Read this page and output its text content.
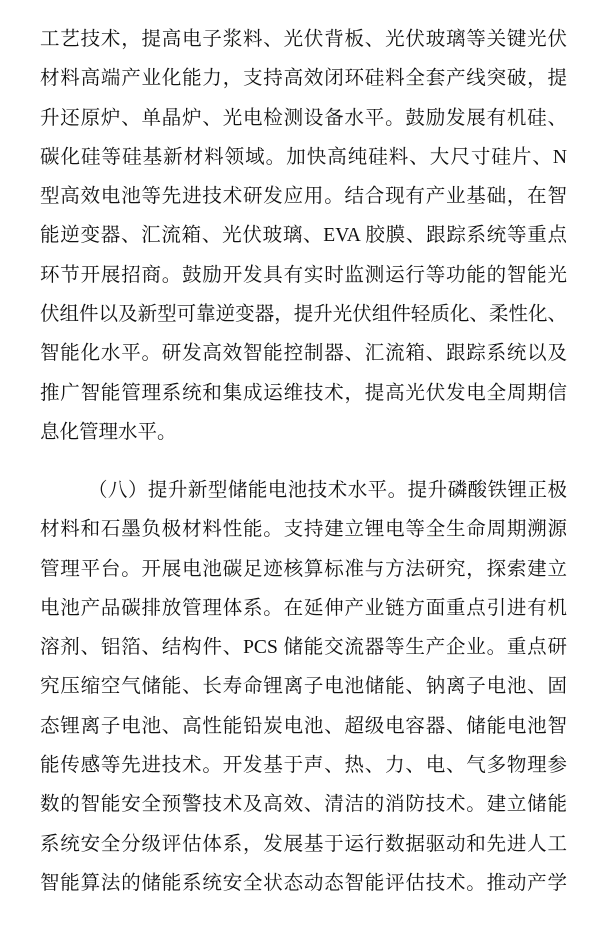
工艺技术，提高电子浆料、光伏背板、光伏玻璃等关键光伏
材料高端产业化能力，支持高效闭环硅料全套产线突破，提
升还原炉、单晶炉、光电检测设备水平。鼓励发展有机硅、
碳化硅等硅基新材料领域。加快高纯硅料、大尺寸硅片、N
型高效电池等先进技术研发应用。结合现有产业基础，在智
能逆变器、汇流箱、光伏玻璃、EVA 胶膜、跟踪系统等重点
环节开展招商。鼓励开发具有实时监测运行等功能的智能光
伏组件以及新型可靠逆变器，提升光伏组件轻质化、柔性化、
智能化水平。研发高效智能控制器、汇流箱、跟踪系统以及
推广智能管理系统和集成运维技术，提高光伏发电全周期信
息化管理水平。
（八）提升新型储能电池技术水平。提升磷酸铁锂正极
材料和石墨负极材料性能。支持建立锂电等全生命周期溯源
管理平台。开展电池碳足迹核算标准与方法研究，探索建立
电池产品碳排放管理体系。在延伸产业链方面重点引进有机
溶剂、铝箔、结构件、PCS 储能交流器等生产企业。重点研
究压缩空气储能、长寿命锂离子电池储能、钠离子电池、固
态锂离子电池、高性能铅炭电池、超级电容器、储能电池智
能传感等先进技术。开发基于声、热、力、电、气多物理参
数的智能安全预警技术及高效、清洁的消防技术。建立储能
系统安全分级评估体系，发展基于运行数据驱动和先进人工
智能算法的储能系统安全状态动态智能评估技术。推动产学
